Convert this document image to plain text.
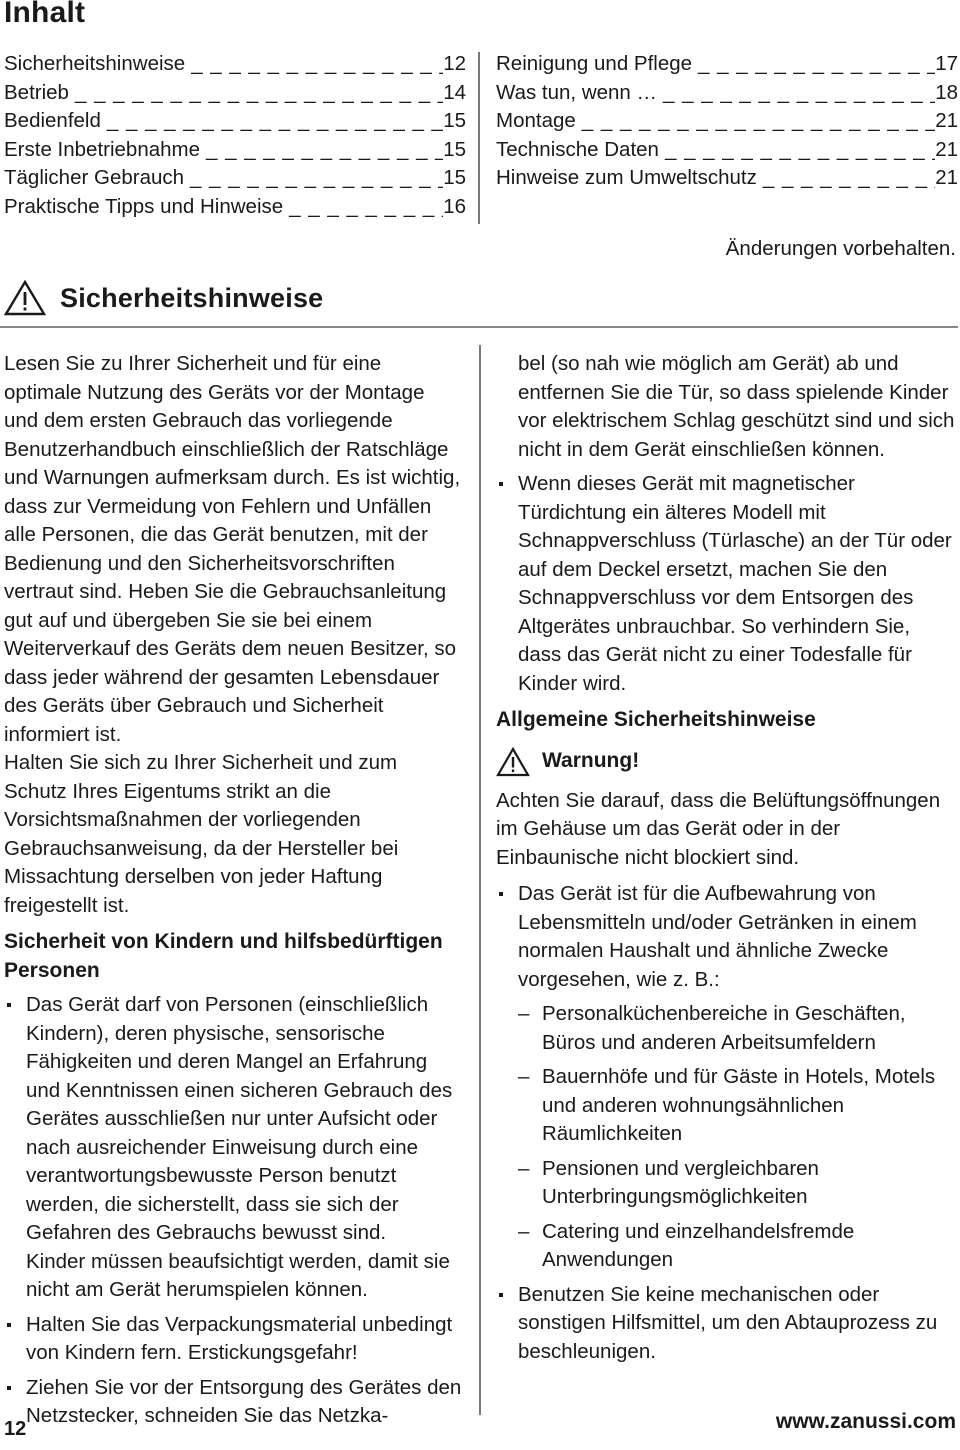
Inhalt
Sicherheitshinweise _ _ _	12
Betrieb _ _ _	14
Bedienfeld _ _ _	15
Erste Inbetriebnahme _ _ _	15
Täglicher Gebrauch _ _ _	15
Praktische Tipps und Hinweise _ _ _	16
Reinigung und Pflege _ _ _	17
Was tun, wenn … _ _ _	18
Montage _ _ _	21
Technische Daten _ _ _	21
Hinweise zum Umweltschutz _ _ _	21
Änderungen vorbehalten.
Sicherheitshinweise

Lesen Sie zu Ihrer Sicherheit und für eine optimale Nutzung des Geräts vor der Montage und dem ersten Gebrauch das vorliegende Benutzerhandbuch einschließlich der Ratschläge und Warnungen aufmerksam durch. Es ist wichtig, dass zur Vermeidung von Fehlern und Unfällen alle Personen, die das Gerät benutzen, mit der Bedienung und den Sicherheitsvorschriften vertraut sind. Heben Sie die Gebrauchsanleitung gut auf und übergeben Sie sie bei einem Weiterverkauf des Geräts dem neuen Besitzer, so dass jeder während der gesamten Lebensdauer des Geräts über Gebrauch und Sicherheit informiert ist.

Halten Sie sich zu Ihrer Sicherheit und zum Schutz Ihres Eigentums strikt an die Vorsichtsmaßnahmen der vorliegenden Gebrauchsanweisung, da der Hersteller bei Missachtung derselben von jeder Haftung freigestellt ist.

Sicherheit von Kindern und hilfsbedürftigen Personen
Das Gerät darf von Personen (einschließlich Kindern), deren physische, sensorische Fähigkeiten und deren Mangel an Erfahrung und Kenntnissen einen sicheren Gebrauch des Gerätes ausschließen nur unter Aufsicht oder nach ausreichender Einweisung durch eine verantwortungsbewusste Person benutzt werden, die sicherstellt, dass sie sich der Gefahren des Gebrauchs bewusst sind.
Kinder müssen beaufsichtigt werden, damit sie nicht am Gerät herumspielen können.
Halten Sie das Verpackungsmaterial unbedingt von Kindern fern. Erstickungsgefahr!
Ziehen Sie vor der Entsorgung des Gerätes den Netzstecker, schneiden Sie das Netzka-

bel (so nah wie möglich am Gerät) ab und entfernen Sie die Tür, so dass spielende Kinder vor elektrischem Schlag geschützt sind und sich nicht in dem Gerät einschließen können.

Wenn dieses Gerät mit magnetischer Türdichtung ein älteres Modell mit Schnappverschluss (Türlasche) an der Tür oder auf dem Deckel ersetzt, machen Sie den Schnappverschluss vor dem Entsorgen des Altgerätes unbrauchbar. So verhindern Sie, dass das Gerät nicht zu einer Todesfalle für Kinder wird.
Allgemeine Sicherheitshinweise
Warnung!

Achten Sie darauf, dass die Belüftungsöffnungen im Gehäuse um das Gerät oder in der Einbaunische nicht blockiert sind.

Das Gerät ist für die Aufbewahrung von Lebensmitteln und/oder Getränken in einem normalen Haushalt und ähnliche Zwecke vorgesehen, wie z. B.:
– Personalküchenbereiche in Geschäften, Büros und anderen Arbeitsumfeldern
– Bauernhöfe und für Gäste in Hotels, Motels und anderen wohnungsähnlichen Räumlichkeiten
– Pensionen und vergleichbaren Unterbringungsmöglichkeiten
– Catering und einzelhandelsfremde Anwendungen
Benutzen Sie keine mechanischen oder sonstigen Hilfsmittel, um den Abtauprozess zu beschleunigen.
12	www.zanussi.com
